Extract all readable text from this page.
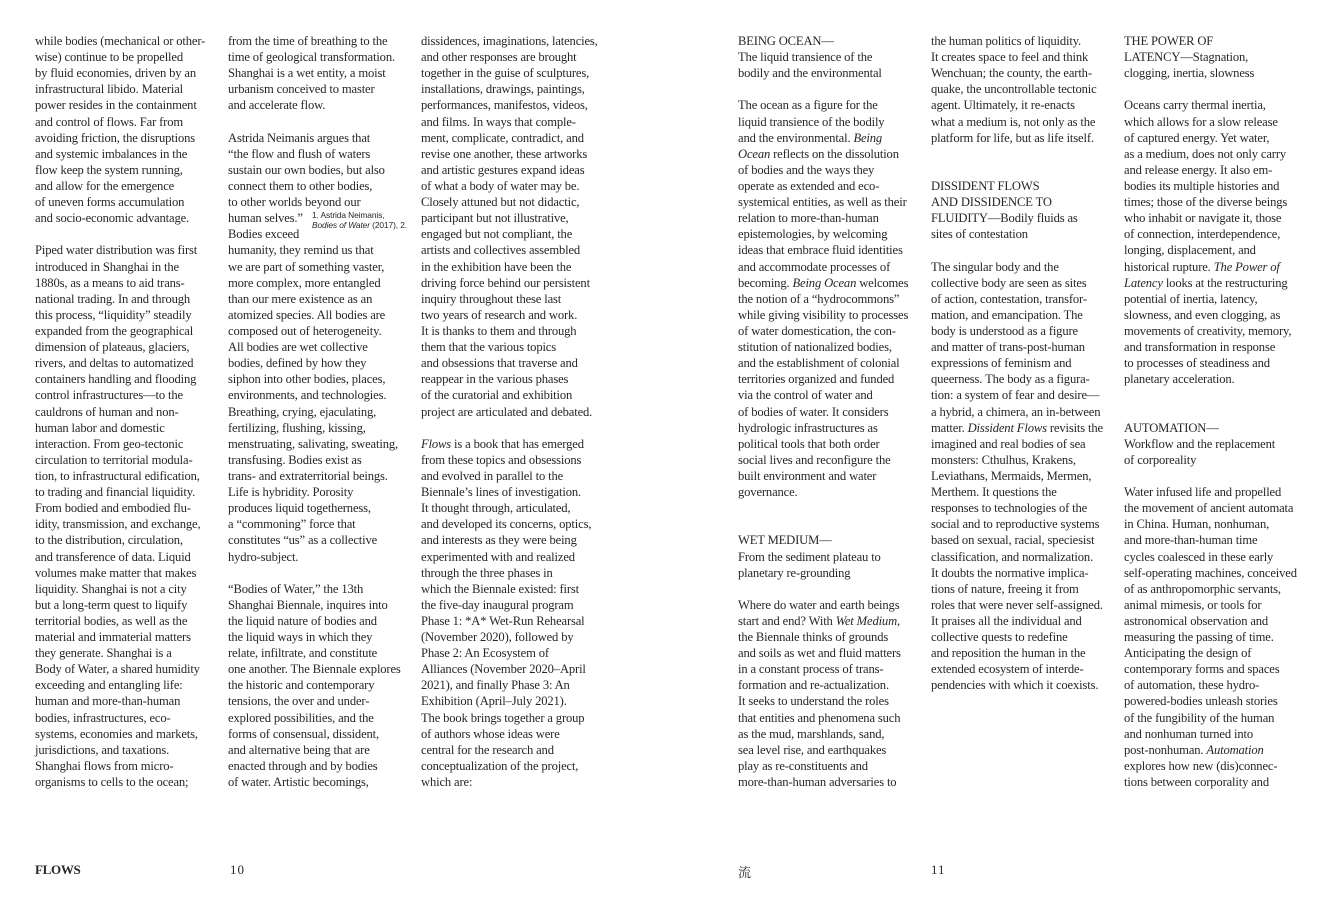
while bodies (mechanical or other-
wise) continue to be propelled
by fluid economies, driven by an
infrastructural libido. Material
power resides in the containment
and control of flows. Far from
avoiding friction, the disruptions
and systemic imbalances in the
flow keep the system running,
and allow for the emergence
of uneven forms accumulation
and socio-economic advantage.
Piped water distribution was first
introduced in Shanghai in the
1880s, as a means to aid trans-
national trading. In and through
this process, “liquidity” steadily
expanded from the geographical
dimension of plateaus, glaciers,
rivers, and deltas to automatized
containers handling and flooding
control infrastructures—to the
cauldrons of human and non-
human labor and domestic
interaction. From geo-tectonic
circulation to territorial modula-
tion, to infrastructural edification,
to trading and financial liquidity.
From bodied and embodied flu-
idity, transmission, and exchange,
to the distribution, circulation,
and transference of data. Liquid
volumes make matter that makes
liquidity. Shanghai is not a city
but a long-term quest to liquify
territorial bodies, as well as the
material and immaterial matters
they generate. Shanghai is a
Body of Water, a shared humidity
exceeding and entangling life:
human and more-than-human
bodies, infrastructures, eco-
systems, economies and markets,
jurisdictions, and taxations.
Shanghai flows from micro-
organisms to cells to the ocean;
from the time of breathing to the
time of geological transformation.
Shanghai is a wet entity, a moist
urbanism conceived to master
and accelerate flow.
Astrida Neimanis argues that
“the flow and flush of waters
sustain our own bodies, but also
connect them to other bodies,
to other worlds beyond our
human selves.”
Bodies exceed
humanity, they remind us that
we are part of something vaster,
more complex, more entangled
than our mere existence as an
atomized species. All bodies are
composed out of heterogeneity.
All bodies are wet collective
bodies, defined by how they
siphon into other bodies, places,
environments, and technologies.
Breathing, crying, ejaculating,
fertilizing, flushing, kissing,
menstruating, salivating, sweating,
transfusing. Bodies exist as
trans- and extraterritorial beings.
Life is hybridity. Porosity
produces liquid togetherness,
a “commoning” force that
constitutes “us” as a collective
hydro-subject.
“Bodies of Water,” the 13th
Shanghai Biennale, inquires into
the liquid nature of bodies and
the liquid ways in which they
relate, infiltrate, and constitute
one another. The Biennale explores
the historic and contemporary
tensions, the over and under-
explored possibilities, and the
forms of consensual, dissident,
and alternative being that are
enacted through and by bodies
of water. Artistic becomings,
dissidences, imaginations, latencies,
and other responses are brought
together in the guise of sculptures,
installations, drawings, paintings,
performances, manifestos, videos,
and films. In ways that comple-
ment, complicate, contradict, and
revise one another, these artworks
and artistic gestures expand ideas
of what a body of water may be.
Closely attuned but not didactic,
participant but not illustrative,
engaged but not compliant, the
artists and collectives assembled
in the exhibition have been the
driving force behind our persistent
inquiry throughout these last
two years of research and work.
It is thanks to them and through
them that the various topics
and obsessions that traverse and
reappear in the various phases
of the curatorial and exhibition
project are articulated and debated.
Flows is a book that has emerged
from these topics and obsessions
and evolved in parallel to the
Biennale’s lines of investigation.
It thought through, articulated,
and developed its concerns, optics,
and interests as they were being
experimented with and realized
through the three phases in
which the Biennale existed: first
the five-day inaugural program
Phase 1: *A* Wet-Run Rehearsal
(November 2020), followed by
Phase 2: An Ecosystem of
Alliances (November 2020–April
2021), and finally Phase 3: An
Exhibition (April–July 2021).
The book brings together a group
of authors whose ideas were
central for the research and
conceptualization of the project,
which are:
BEING OCEAN—
The liquid transience of the
bodily and the environmental
The ocean as a figure for the
liquid transience of the bodily
and the environmental. Being
Ocean reflects on the dissolution
of bodies and the ways they
operate as extended and eco-
systemical entities, as well as their
relation to more-than-human
epistemologies, by welcoming
ideas that embrace fluid identities
and accommodate processes of
becoming. Being Ocean welcomes
the notion of a “hydrocommons”
while giving visibility to processes
of water domestication, the con-
stitution of nationalized bodies,
and the establishment of colonial
territories organized and funded
via the control of water and
of bodies of water. It considers
hydrologic infrastructures as
political tools that both order
social lives and reconfigure the
built environment and water
governance.
WET MEDIUM—
From the sediment plateau to
planetary re-grounding
Where do water and earth beings
start and end? With Wet Medium,
the Biennale thinks of grounds
and soils as wet and fluid matters
in a constant process of trans-
formation and re-actualization.
It seeks to understand the roles
that entities and phenomena such
as the mud, marshlands, sand,
sea level rise, and earthquakes
play as re-constituents and
more-than-human adversaries to
the human politics of liquidity.
It creates space to feel and think
Wenchuan; the county, the earth-
quake, the uncontrollable tectonic
agent. Ultimately, it re-enacts
what a medium is, not only as the
platform for life, but as life itself.
DISSIDENT FLOWS
AND DISSIDENCE TO
FLUIDITY—Bodily fluids as
sites of contestation
The singular body and the
collective body are seen as sites
of action, contestation, transfor-
mation, and emancipation. The
body is understood as a figure
and matter of trans-post-human
expressions of feminism and
queerness. The body as a figura-
tion: a system of fear and desire—
a hybrid, a chimera, an in-between
matter. Dissident Flows revisits the
imagined and real bodies of sea
monsters: Cthulhus, Krakens,
Leviathans, Mermaids, Mermen,
Merthem. It questions the
responses to technologies of the
social and to reproductive systems
based on sexual, racial, speciesist
classification, and normalization.
It doubts the normative implica-
tions of nature, freeing it from
roles that were never self-assigned.
It praises all the individual and
collective quests to redefine
and reposition the human in the
extended ecosystem of interde-
pendencies with which it coexists.
THE POWER OF
LATENCY—Stagnation,
clogging, inertia, slowness
Oceans carry thermal inertia,
which allows for a slow release
of captured energy. Yet water,
as a medium, does not only carry
and release energy. It also em-
bodies its multiple histories and
times; those of the diverse beings
who inhabit or navigate it, those
of connection, interdependence,
longing, displacement, and
historical rupture. The Power of
Latency looks at the restructuring
potential of inertia, latency,
slowness, and even clogging, as
movements of creativity, memory,
and transformation in response
to processes of steadiness and
planetary acceleration.
AUTOMATION—
Workflow and the replacement
of corporeality
Water infused life and propelled
the movement of ancient automata
in China. Human, nonhuman,
and more-than-human time
cycles coalesced in these early
self-operating machines, conceived
of as anthropomorphic servants,
animal mimesis, or tools for
astronomical observation and
measuring the passing of time.
Anticipating the design of
contemporary forms and spaces
of automation, these hydro-
powered-bodies unleash stories
of the fungibility of the human
and nonhuman turned into
post-nonhuman. Automation
explores how new (dis)connec-
tions between corporality and
1. Astrida Neimanis,
Bodies of Water (2017), 2.
FLOWS	10	流	11
